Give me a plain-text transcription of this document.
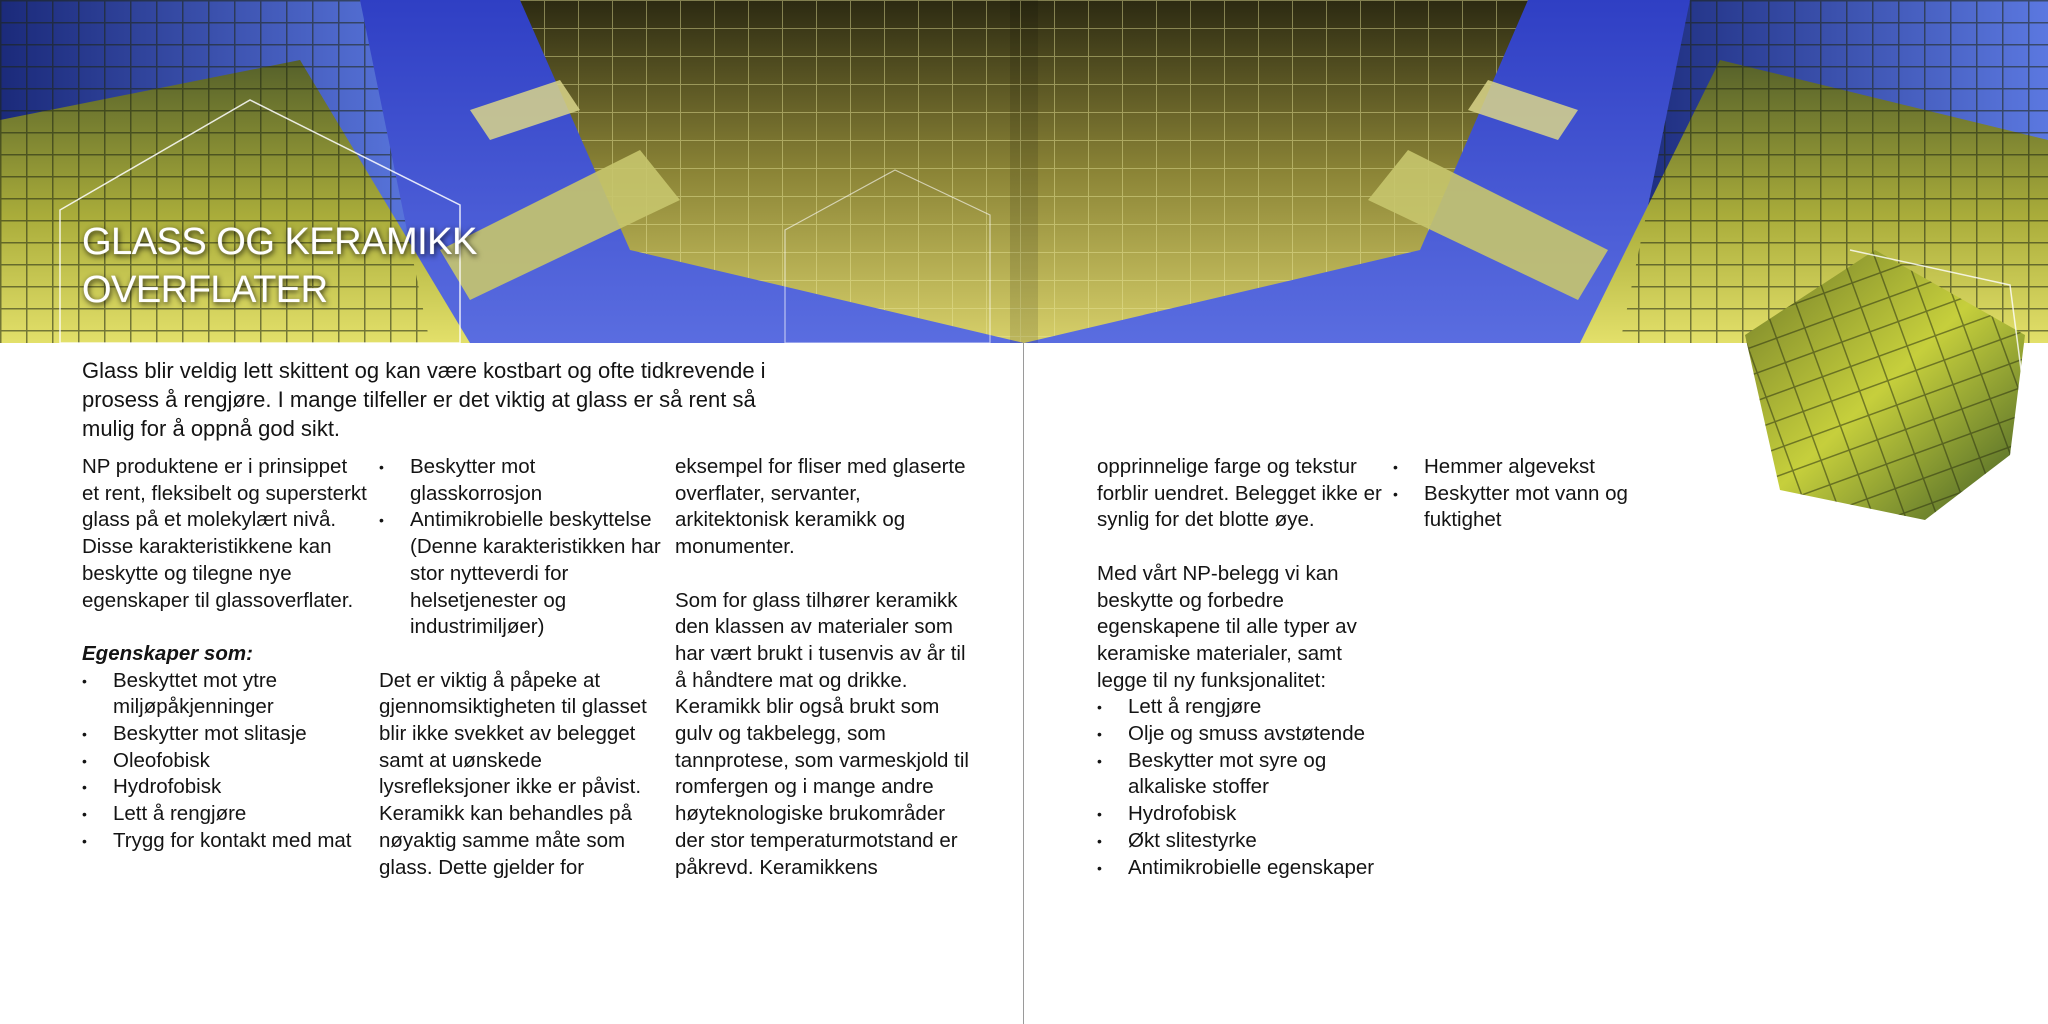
GLASS OG KERAMIKK
OVERFLATER

Glass blir veldig lett skittent og kan være kostbart og ofte tidkrevende i prosess å rengjøre. I mange tilfeller er det viktig at glass er så rent så mulig for å oppnå god sikt.

NP produktene er i prinsippet et rent, fleksibelt og supersterkt glass på et molekylært nivå. Disse karakteristikkene kan beskytte og tilegne nye egenskaper til glassoverflater.

Egenskaper som:
• Beskyttet mot ytre miljøpåkjenninger
• Beskytter mot slitasje
• Oleofobisk
• Hydrofobisk
• Lett å rengjøre
• Trygg for kontakt med mat
• Beskytter mot glasskorrosjon
• Antimikrobielle beskyttelse (Denne karakteristikken har stor nytteverdi for helsetjenester og industrimiljøer)

Det er viktig å påpeke at gjennomsiktigheten til glasset blir ikke svekket av belegget samt at uønskede lysrefleksjoner ikke er påvist. Keramikk kan behandles på nøyaktig samme måte som glass. Dette gjelder for

eksempel for fliser med glaserte overflater, servanter, arkitektonisk keramikk og monumenter.

Som for glass tilhører keramikk den klassen av materialer som har vært brukt i tusenvis av år til å håndtere mat og drikke. Keramikk blir også brukt som gulv og takbelegg, som tannprotese, som varmeskjold til romfergen og i mange andre høyteknologiske brukområder der stor temperaturmotstand er påkrevd. Keramikkens

opprinnelige farge og tekstur forblir uendret. Belegget ikke er synlig for det blotte øye.

Med vårt NP-belegg vi kan beskytte og forbedre egenskapene til alle typer av keramiske materialer, samt legge til ny funksjonalitet:

• Lett å rengjøre
• Olje og smuss avstøtende
• Beskytter mot syre og alkaliske stoffer
• Hydrofobisk
• Økt slitestyrke
• Antimikrobielle egenskaper
• Hemmer algevekst
• Beskytter mot vann og fuktighet
